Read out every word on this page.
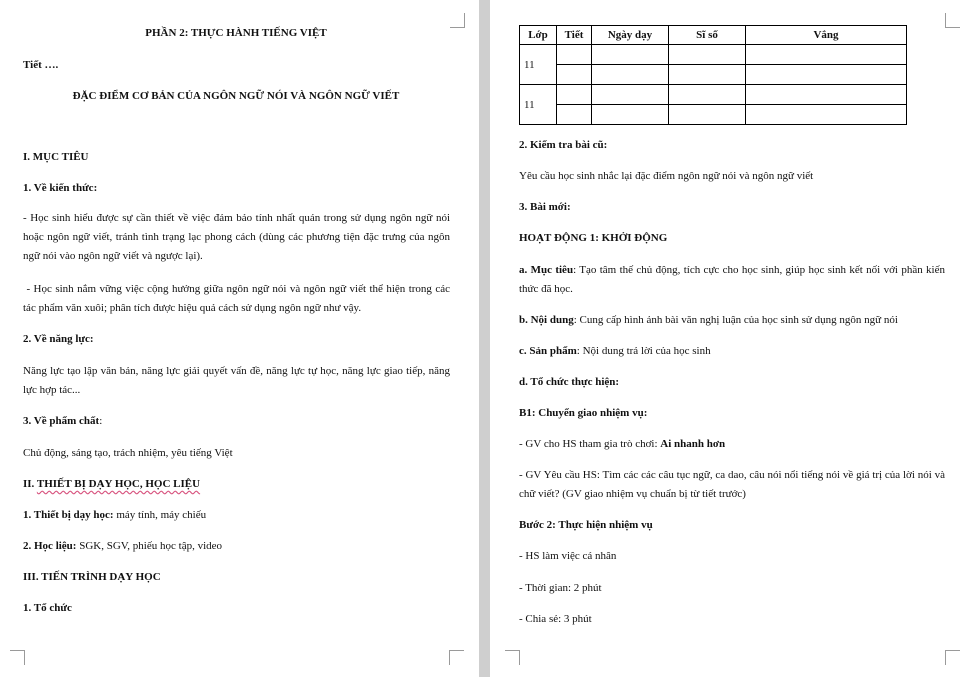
PHẦN 2: THỰC HÀNH TIẾNG VIỆT
Tiết ….
ĐẶC ĐIỂM CƠ BẢN CỦA NGÔN NGỮ NÓI VÀ NGÔN NGỮ VIẾT
I. MỤC TIÊU
1. Về kiến thức:
- Học sinh hiểu được sự cần thiết về việc đảm bảo tính nhất quán trong sử dụng ngôn ngữ nói hoặc ngôn ngữ viết, tránh tình trạng lạc phong cách (dùng các phương tiện đặc trưng của ngôn ngữ nói vào ngôn ngữ viết và ngược lại).
- Học sinh nắm vững việc cộng hưởng giữa ngôn ngữ nói và ngôn ngữ viết thể hiện trong các tác phẩm văn xuôi; phân tích được hiệu quả cách sử dụng ngôn ngữ như vậy.
2. Về năng lực:
Năng lực tạo lập văn bản, năng lực giải quyết vấn đề, năng lực tự học, năng lực giao tiếp, năng lực hợp tác...
3. Về phẩm chất:
Chủ động, sáng tạo, trách nhiệm, yêu tiếng Việt
II. THIẾT BỊ DẠY HỌC, HỌC LIỆU
1. Thiết bị dạy học: máy tính, máy chiếu
2. Học liệu: SGK, SGV, phiếu học tập, video
III. TIẾN TRÌNH DẠY HỌC
1. Tổ chức
Lớp	Tiết	Ngày dạy	Sĩ số	Vắng
11				

11				

2. Kiểm tra bài cũ:
Yêu cầu học sinh nhắc lại đặc điểm ngôn ngữ nói và ngôn ngữ viết
3. Bài mới:
HOẠT ĐỘNG 1: KHỞI ĐỘNG
a. Mục tiêu: Tạo tâm thế chủ động, tích cực cho học sinh, giúp học sinh kết nối với phần kiến thức đã học.
b. Nội dung: Cung cấp hình ảnh bài văn nghị luận của học sinh sử dụng ngôn ngữ nói
c. Sản phẩm: Nội dung trả lời của học sinh
d. Tổ chức thực hiện:
B1: Chuyển giao nhiệm vụ:
- GV cho HS tham gia trò chơi: Ai nhanh hơn
- GV Yêu cầu HS: Tìm các các câu tục ngữ, ca dao, câu nói nổi tiếng nói về giá trị của lời nói và chữ viết? (GV giao nhiệm vụ chuẩn bị từ tiết trước)
Bước 2: Thực hiện nhiệm vụ
- HS làm việc cá nhân
- Thời gian: 2 phút
- Chia sẻ: 3 phút
